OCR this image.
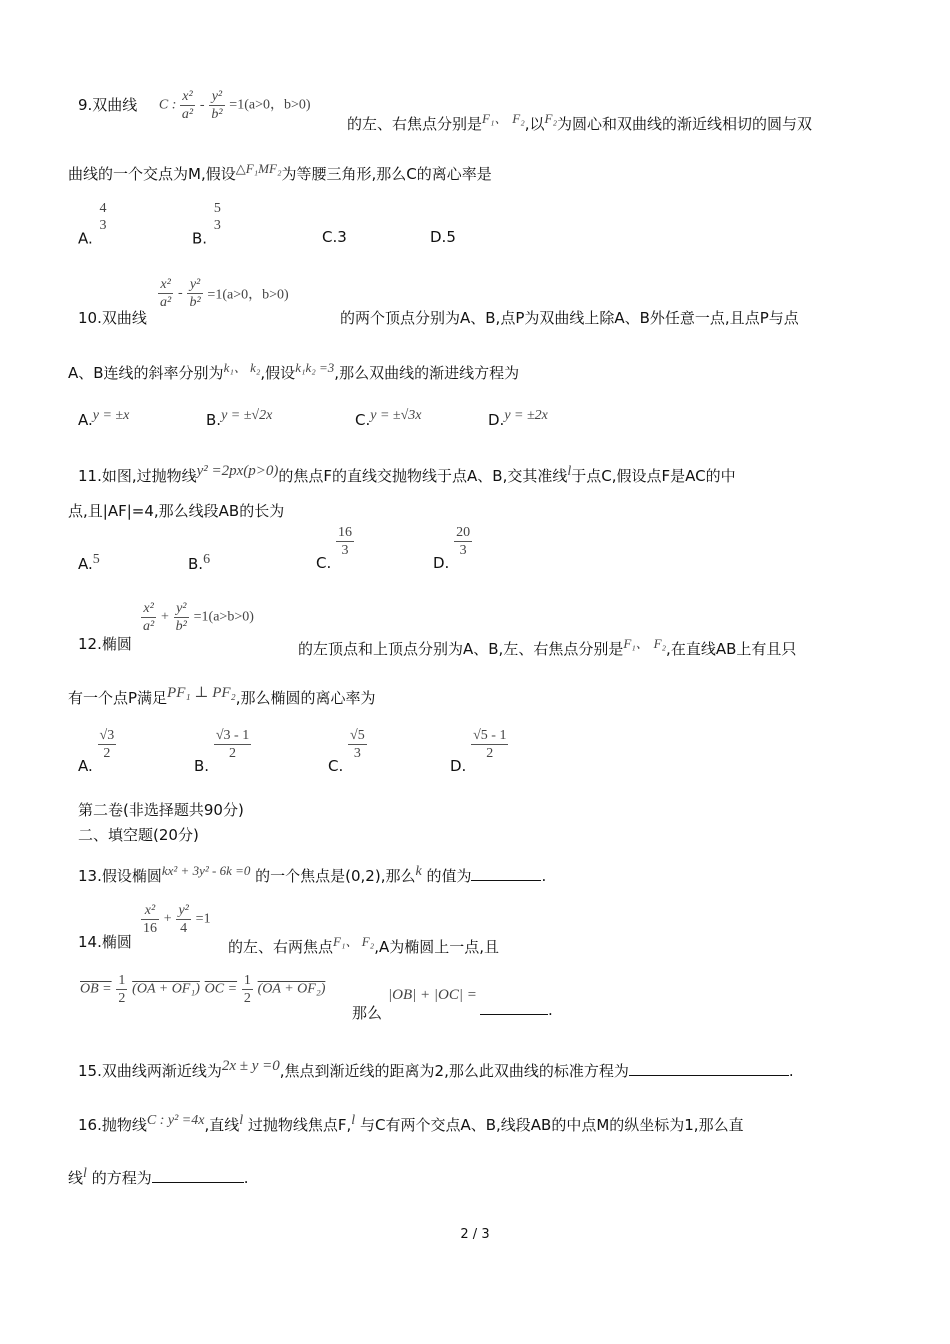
9.双曲线 C : $\frac{\text{x²}}{\text{a²}} - \frac{\text{y²}}{\text{b²}} =1(a>0$，b>0)
的左、右焦点分别是F₁、 F₂,以F₂为圆心和双曲线的渐近线相切的圆与双
曲线的一个交点为M,假设△F₁MF₂为等腰三角形,那么C的离心率是
A.
4
3
B.
5
3
C.3	D.5
$\frac{\text{x²}}{\text{a²}} - \frac{\text{y²}}{\text{b²}} =1(a>0$，b>0)
10.双曲线	的两个顶点分别为A、B,点P为双曲线上除A、B外任意一点,且点P与点
A、B连线的斜率分别为k₁、 k₂,假设k₁k₂ =3,那么双曲线的渐进线方程为
A.y = ±x	B.y = ±√2x	C.y = ±√3x	D.y = ±2x
11.如图,过抛物线y² =2px(p>0)的焦点F的直线交抛物线于点A、B,交其准线l于点C,假设点F是AC的中
点,且|AF|=4,那么线段AB的长为
A.5	B.6	C.
$\frac{16}{3}$
D.
$\frac{20}{3}$
$\frac{\text{x²}}{\text{a²}} + \frac{\text{y²}}{\text{b²}} =1(a>b>0)$
12.椭圆	的左顶点和上顶点分别为A、B,左、右焦点分别是F₁、 F₂,在直线AB上有且只
有一个点P满足PF₁ ⊥ PF₂,那么椭圆的离心率为
A.
$\frac{√3}{2}$
B.
$\frac{√3 - 1}{2}$
C.
$\frac{√5}{3}$
D.
$\frac{√5 - 1}{2}$
第二卷(非选择题共90分)
二、填空题(20分)
13.假设椭圆kx² + 3y² - 6k =0 的一个焦点是(0,2),那么k 的值为	.
$\frac{\text{x²}}{16} + \frac{\text{y²}}{4} =1$
14.椭圆	的左、右两焦点F₁、 F₂,A为椭圆上一点,且
OB = $\frac{1}{2} (OA + OF_1)$ OC = $\frac{1}{2} (OA + OF_2)$
那么
|OB| + |OC| =
.
15.双曲线两渐近线为2x ± y =0,焦点到渐近线的距离为2,那么此双曲线的标准方程为	.
16.抛物线C : y² =4x,直线l 过抛物线焦点F,l 与C有两个交点A、B,线段AB的中点M的纵坐标为1,那么直
线l 的方程为	.
2 / 3
